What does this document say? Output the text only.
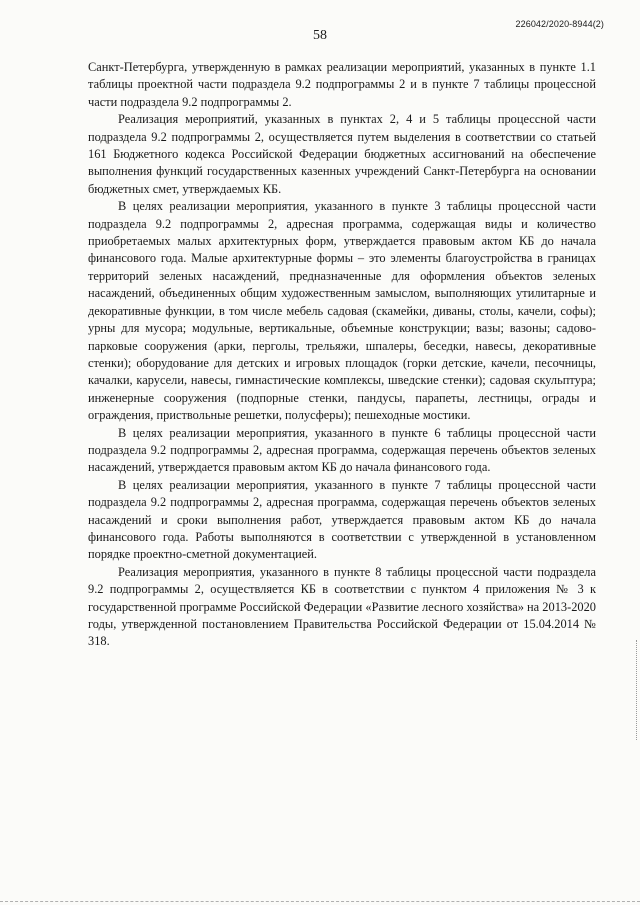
226042/2020-8944(2)
58

Санкт-Петербурга, утвержденную в рамках реализации мероприятий, указанных в пункте 1.1 таблицы проектной части подраздела 9.2 подпрограммы 2 и в пункте 7 таблицы процессной части подраздела 9.2 подпрограммы 2.

Реализация мероприятий, указанных в пунктах 2, 4 и 5 таблицы процессной части подраздела 9.2 подпрограммы 2, осуществляется путем выделения в соответствии со статьей 161 Бюджетного кодекса Российской Федерации бюджетных ассигнований на обеспечение выполнения функций государственных казенных учреждений Санкт-Петербурга на основании бюджетных смет, утверждаемых КБ.

В целях реализации мероприятия, указанного в пункте 3 таблицы процессной части подраздела 9.2 подпрограммы 2, адресная программа, содержащая виды и количество приобретаемых малых архитектурных форм, утверждается правовым актом КБ до начала финансового года. Малые архитектурные формы – это элементы благоустройства в границах территорий зеленых насаждений, предназначенные для оформления объектов зеленых насаждений, объединенных общим художественным замыслом, выполняющих утилитарные и декоративные функции, в том числе мебель садовая (скамейки, диваны, столы, качели, софы); урны для мусора; модульные, вертикальные, объемные конструкции; вазы; вазоны; садово-парковые сооружения (арки, перголы, трельяжи, шпалеры, беседки, навесы, декоративные стенки); оборудование для детских и игровых площадок (горки детские, качели, песочницы, качалки, карусели, навесы, гимнастические комплексы, шведские стенки); садовая скульптура; инженерные сооружения (подпорные стенки, пандусы, парапеты, лестницы, ограды и ограждения, приствольные решетки, полусферы); пешеходные мостики.

В целях реализации мероприятия, указанного в пункте 6 таблицы процессной части подраздела 9.2 подпрограммы 2, адресная программа, содержащая перечень объектов зеленых насаждений, утверждается правовым актом КБ до начала финансового года.

В целях реализации мероприятия, указанного в пункте 7 таблицы процессной части подраздела 9.2 подпрограммы 2, адресная программа, содержащая перечень объектов зеленых насаждений и сроки выполнения работ, утверждается правовым актом КБ до начала финансового года. Работы выполняются в соответствии с утвержденной в установленном порядке проектно-сметной документацией.

Реализация мероприятия, указанного в пункте 8 таблицы процессной части подраздела 9.2 подпрограммы 2, осуществляется КБ в соответствии с пунктом 4 приложения № 3 к государственной программе Российской Федерации «Развитие лесного хозяйства» на 2013-2020 годы, утвержденной постановлением Правительства Российской Федерации от 15.04.2014 № 318.
